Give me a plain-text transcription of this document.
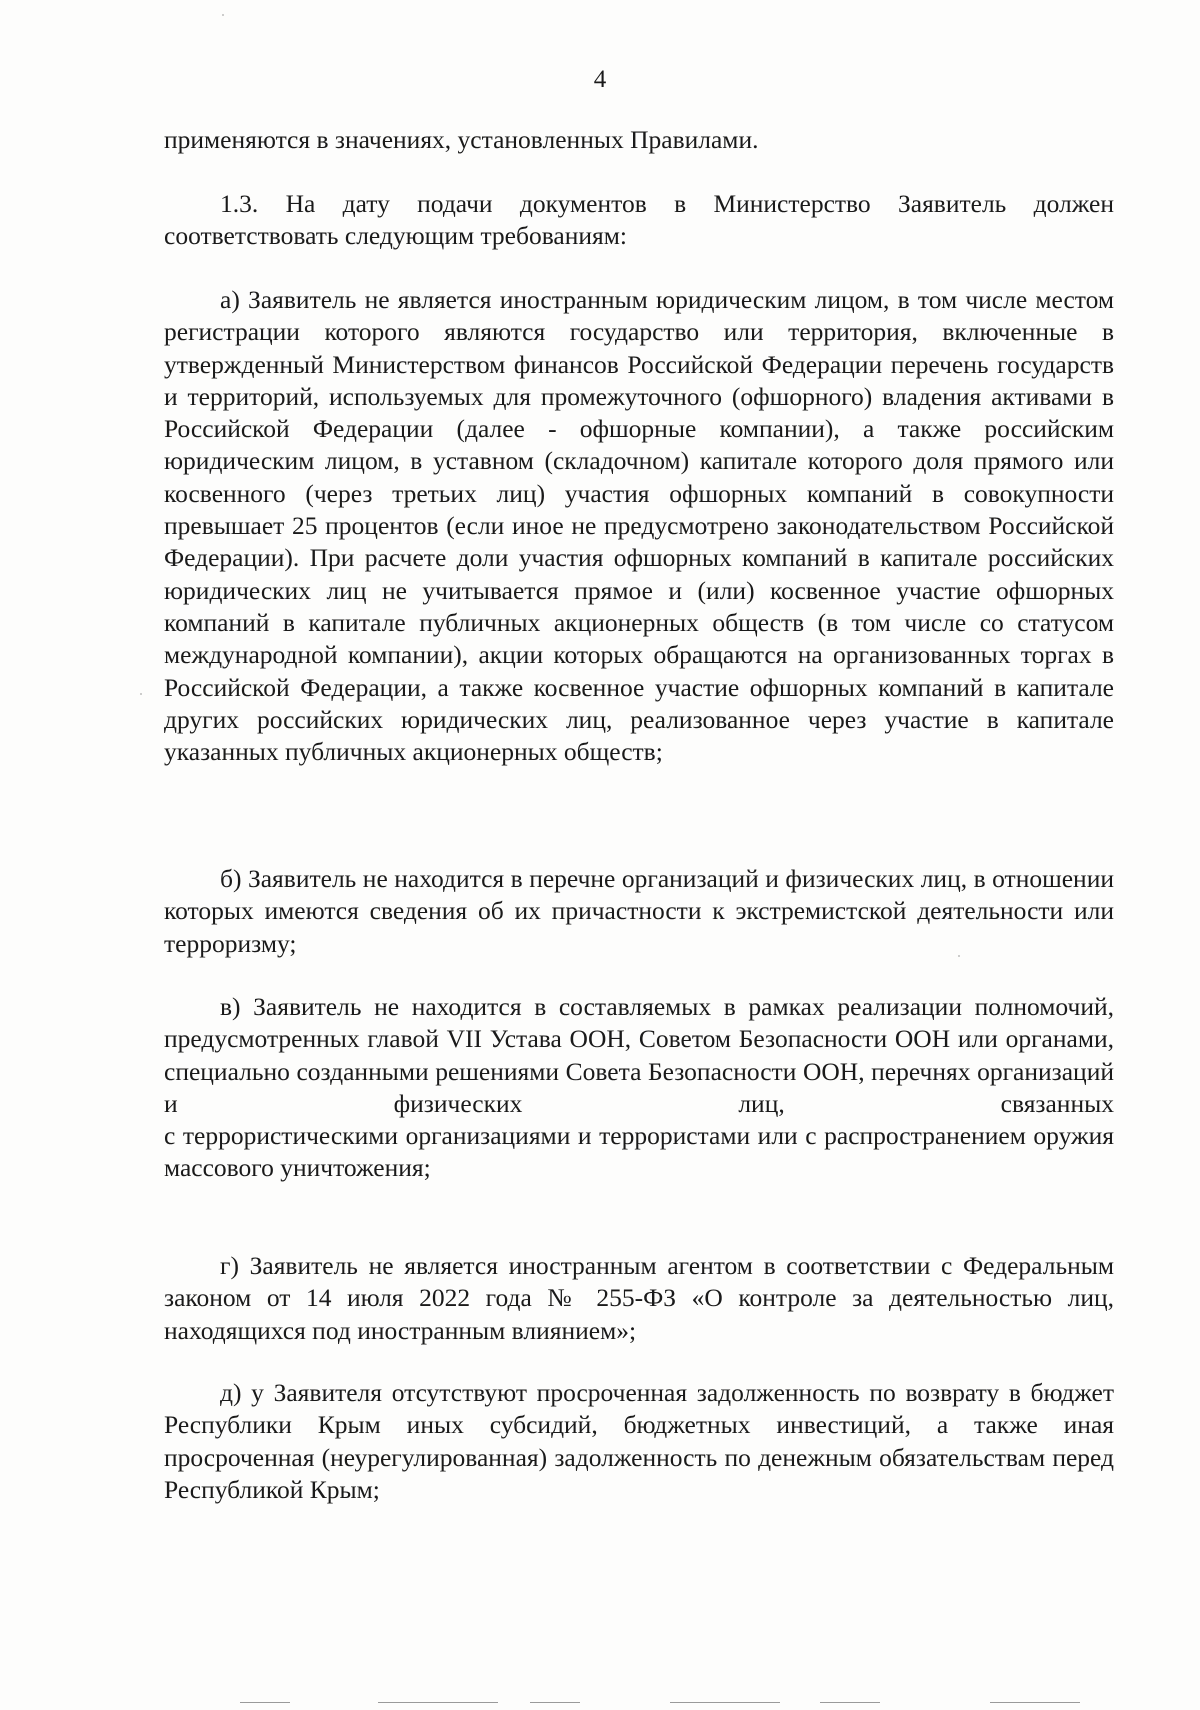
4

применяются в значениях, установленных Правилами.

1.3. На дату подачи документов в Министерство Заявитель должен соответствовать следующим требованиям:

а) Заявитель не является иностранным юридическим лицом, в том числе местом регистрации которого являются государство или территория, включенные в утвержденный Министерством финансов Российской Федерации перечень государств и территорий, используемых для промежуточного (офшорного) владения активами в Российской Федерации (далее - офшорные компании), а также российским юридическим лицом, в уставном (складочном) капитале которого доля прямого или косвенного (через третьих лиц) участия офшорных компаний в совокупности превышает 25 процентов (если иное не предусмотрено законодательством Российской Федерации). При расчете доли участия офшорных компаний в капитале российских юридических лиц не учитывается прямое и (или) косвенное участие офшорных компаний в капитале публичных акционерных обществ (в том числе со статусом международной компании), акции которых обращаются на организованных торгах в Российской Федерации, а также косвенное участие офшорных компаний в капитале других российских юридических лиц, реализованное через участие в капитале указанных публичных акционерных обществ;

б) Заявитель не находится в перечне организаций и физических лиц, в отношении которых имеются сведения об их причастности к экстремистской деятельности или терроризму;

в) Заявитель не находится в составляемых в рамках реализации полномочий, предусмотренных главой VII Устава ООН, Советом Безопасности ООН или органами, специально созданными решениями Совета Безопасности ООН, перечнях организаций и физических лиц, связанных
с террористическими организациями и террористами или с распространением оружия массового уничтожения;

г) Заявитель не является иностранным агентом в соответствии с Федеральным законом от 14 июля 2022 года № 255-ФЗ «О контроле за деятельностью лиц, находящихся под иностранным влиянием»;

д) у Заявителя отсутствуют просроченная задолженность по возврату в бюджет Республики Крым иных субсидий, бюджетных инвестиций, а также иная просроченная (неурегулированная) задолженность по денежным обязательствам перед Республикой Крым;
